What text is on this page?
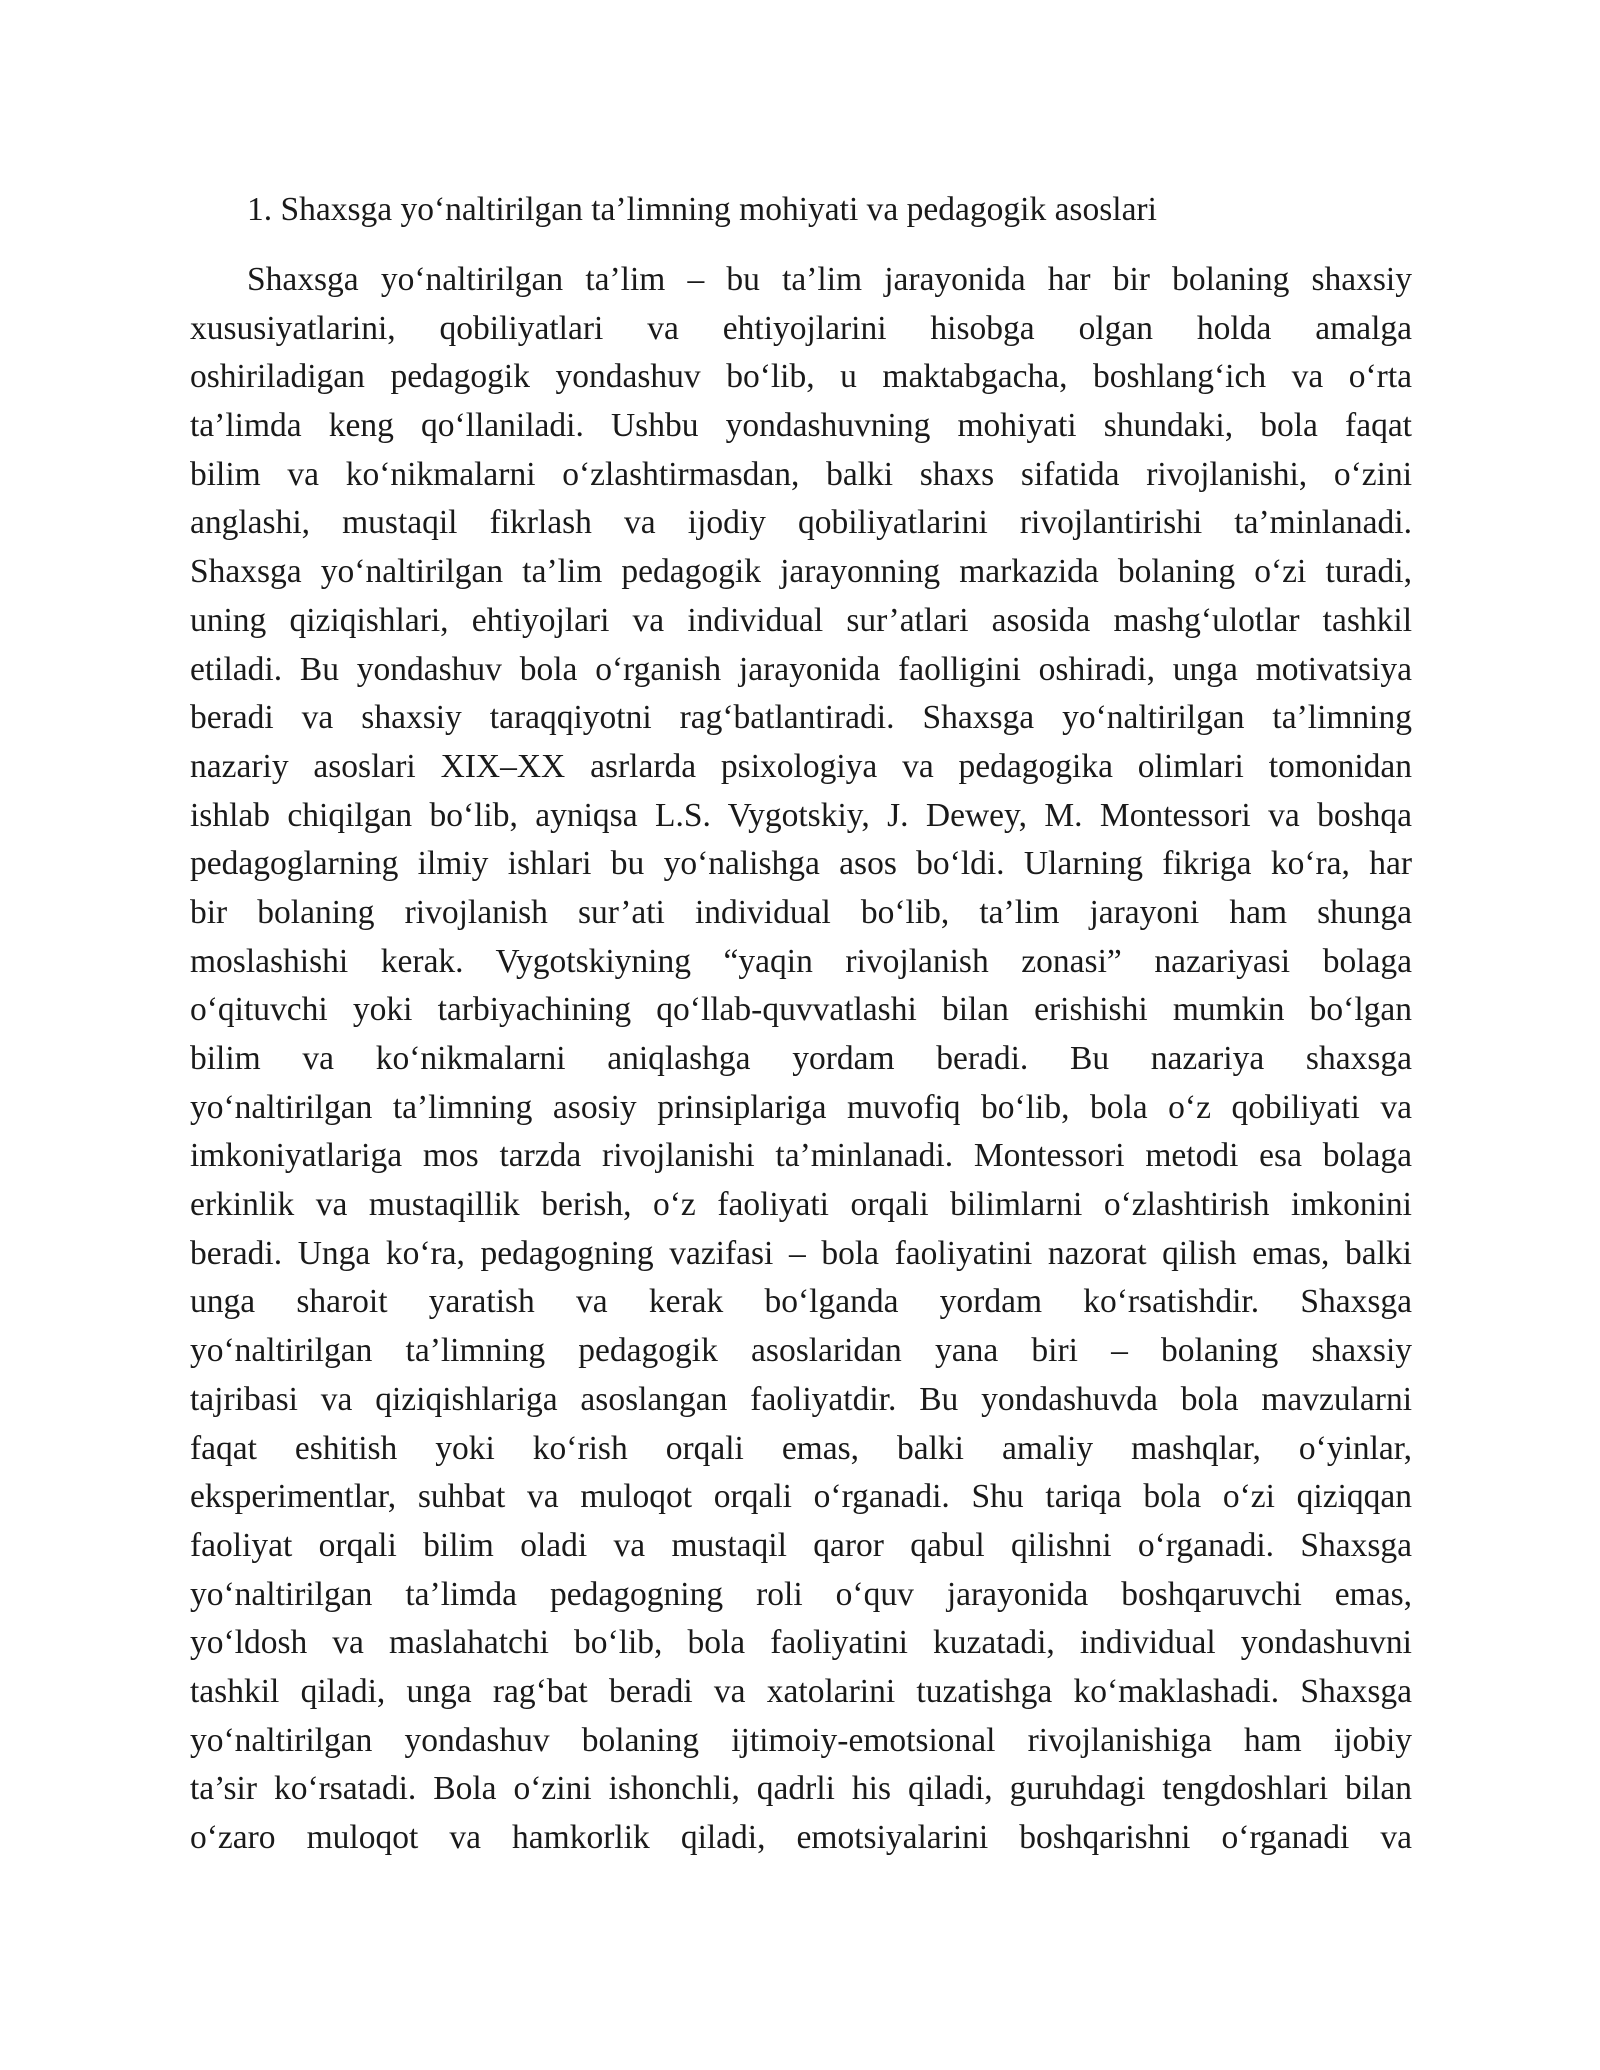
1. Shaxsga yo‘naltirilgan ta’limning mohiyati va pedagogik asoslari
Shaxsga yo‘naltirilgan ta’lim – bu ta’lim jarayonida har bir bolaning shaxsiy
xususiyatlarini, qobiliyatlari va ehtiyojlarini hisobga olgan holda amalga
oshiriladigan pedagogik yondashuv bo‘lib, u maktabgacha, boshlang‘ich va o‘rta
ta’limda keng qo‘llaniladi. Ushbu yondashuvning mohiyati shundaki, bola faqat
bilim va ko‘nikmalarni o‘zlashtirmasdan, balki shaxs sifatida rivojlanishi, o‘zini
anglashi, mustaqil fikrlash va ijodiy qobiliyatlarini rivojlantirishi ta’minlanadi.
Shaxsga yo‘naltirilgan ta’lim pedagogik jarayonning markazida bolaning o‘zi turadi,
uning qiziqishlari, ehtiyojlari va individual sur’atlari asosida mashg‘ulotlar tashkil
etiladi. Bu yondashuv bola o‘rganish jarayonida faolligini oshiradi, unga motivatsiya
beradi va shaxsiy taraqqiyotni rag‘batlantiradi. Shaxsga yo‘naltirilgan ta’limning
nazariy asoslari XIX–XX asrlarda psixologiya va pedagogika olimlari tomonidan
ishlab chiqilgan bo‘lib, ayniqsa L.S. Vygotskiy, J. Dewey, M. Montessori va boshqa
pedagoglarning ilmiy ishlari bu yo‘nalishga asos bo‘ldi. Ularning fikriga ko‘ra, har
bir bolaning rivojlanish sur’ati individual bo‘lib, ta’lim jarayoni ham shunga
moslashishi kerak. Vygotskiyning “yaqin rivojlanish zonasi” nazariyasi bolaga
o‘qituvchi yoki tarbiyachining qo‘llab-quvvatlashi bilan erishishi mumkin bo‘lgan
bilim va ko‘nikmalarni aniqlashga yordam beradi. Bu nazariya shaxsga
yo‘naltirilgan ta’limning asosiy prinsiplariga muvofiq bo‘lib, bola o‘z qobiliyati va
imkoniyatlariga mos tarzda rivojlanishi ta’minlanadi. Montessori metodi esa bolaga
erkinlik va mustaqillik berish, o‘z faoliyati orqali bilimlarni o‘zlashtirish imkonini
beradi. Unga ko‘ra, pedagogning vazifasi – bola faoliyatini nazorat qilish emas, balki
unga sharoit yaratish va kerak bo‘lganda yordam ko‘rsatishdir. Shaxsga
yo‘naltirilgan ta’limning pedagogik asoslaridan yana biri – bolaning shaxsiy
tajribasi va qiziqishlariga asoslangan faoliyatdir. Bu yondashuvda bola mavzularni
faqat eshitish yoki ko‘rish orqali emas, balki amaliy mashqlar, o‘yinlar,
eksperimentlar, suhbat va muloqot orqali o‘rganadi. Shu tariqa bola o‘zi qiziqqan
faoliyat orqali bilim oladi va mustaqil qaror qabul qilishni o‘rganadi. Shaxsga
yo‘naltirilgan ta’limda pedagogning roli o‘quv jarayonida boshqaruvchi emas,
yo‘ldosh va maslahatchi bo‘lib, bola faoliyatini kuzatadi, individual yondashuvni
tashkil qiladi, unga rag‘bat beradi va xatolarini tuzatishga ko‘maklashadi. Shaxsga
yo‘naltirilgan yondashuv bolaning ijtimoiy-emotsional rivojlanishiga ham ijobiy
ta’sir ko‘rsatadi. Bola o‘zini ishonchli, qadrli his qiladi, guruhdagi tengdoshlari bilan
o‘zaro muloqot va hamkorlik qiladi, emotsiyalarini boshqarishni o‘rganadi va
